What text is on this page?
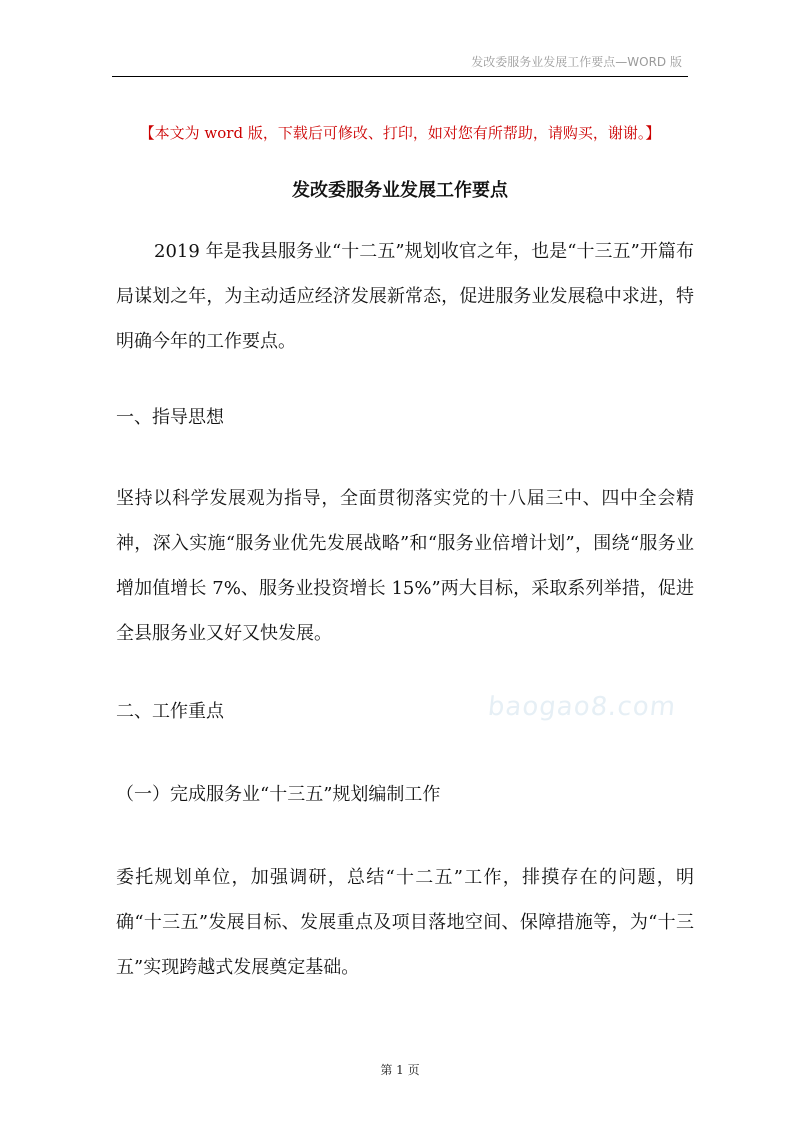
发改委服务业发展工作要点—WORD 版
【本文为 word 版，下载后可修改、打印，如对您有所帮助，请购买，谢谢。】
发改委服务业发展工作要点

2019 年是我县服务业“十二五”规划收官之年，也是“十三五”开篇布局谋划之年，为主动适应经济发展新常态，促进服务业发展稳中求进，特明确今年的工作要点。

一、指导思想

坚持以科学发展观为指导，全面贯彻落实党的十八届三中、四中全会精神，深入实施“服务业优先发展战略”和“服务业倍增计划”，围绕“服务业增加值增长 7%、服务业投资增长 15%”两大目标，采取系列举措，促进全县服务业又好又快发展。

baogao8.com

二、工作重点

（一）完成服务业“十三五”规划编制工作

委托规划单位，加强调研，总结“十二五”工作，排摸存在的问题，明确“十三五”发展目标、发展重点及项目落地空间、保障措施等，为“十三五”实现跨越式发展奠定基础。

第 1 页
